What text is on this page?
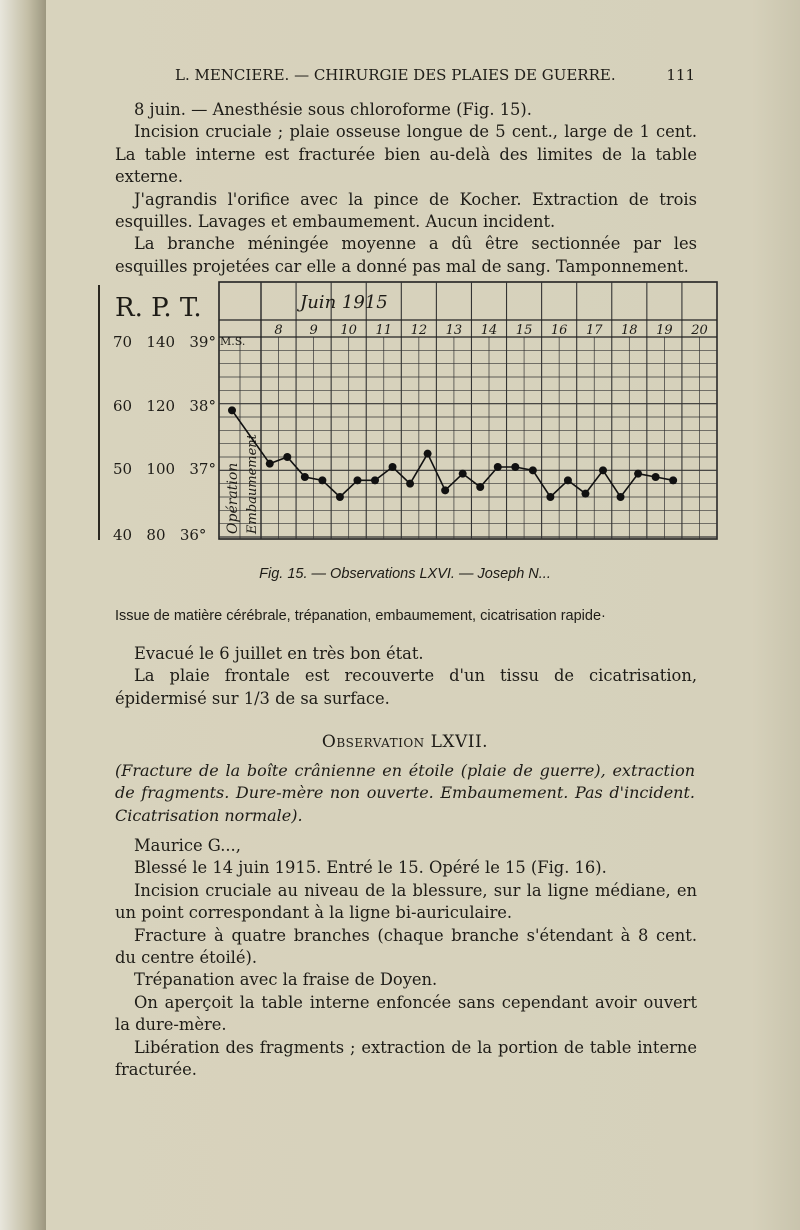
L. MENCIERE. — CHIRURGIE DES PLAIES DE GUERRE.	111

8 juin. — Anesthésie sous chloroforme (Fig. 15).

Incision cruciale ; plaie osseuse longue de 5 cent., large de 1 cent. La table interne est fracturée bien au-delà des limites de la table externe.

J'agrandis l'orifice avec la pince de Kocher. Extraction de trois esquilles. Lavages et embaumement. Aucun incident.

La branche méningée moyenne a dû être sectionnée par les esquilles projetées car elle a donné pas mal de sang. Tamponnement.

R. P. T.
70 140 39°
60 120 38°
50 100 37°
40 80 36°
Juin 1915
M.S.
8 9 10 11 12 13 14 15 16 17 18 19 20
Opération Embaumement
Fig. 15. — Observations LXVI. — Joseph N...
Issue de matière cérébrale, trépanation, embaumement, cicatrisation rapide·

Evacué le 6 juillet en très bon état.

La plaie frontale est recouverte d'un tissu de cicatrisation, épidermisé sur 1/3 de sa surface.

Observation LXVII.
(Fracture de la boîte crânienne en étoile (plaie de guerre), extraction de fragments. Dure-mère non ouverte. Embaumement. Pas d'incident. Cicatrisation normale).

Maurice G...,

Blessé le 14 juin 1915. Entré le 15. Opéré le 15 (Fig. 16).

Incision cruciale au niveau de la blessure, sur la ligne médiane, en un point correspondant à la ligne bi-auriculaire.

Fracture à quatre branches (chaque branche s'étendant à 8 cent. du centre étoilé).

Trépanation avec la fraise de Doyen.

On aperçoit la table interne enfoncée sans cependant avoir ouvert la dure-mère.

Libération des fragments ; extraction de la portion de table interne fracturée.
